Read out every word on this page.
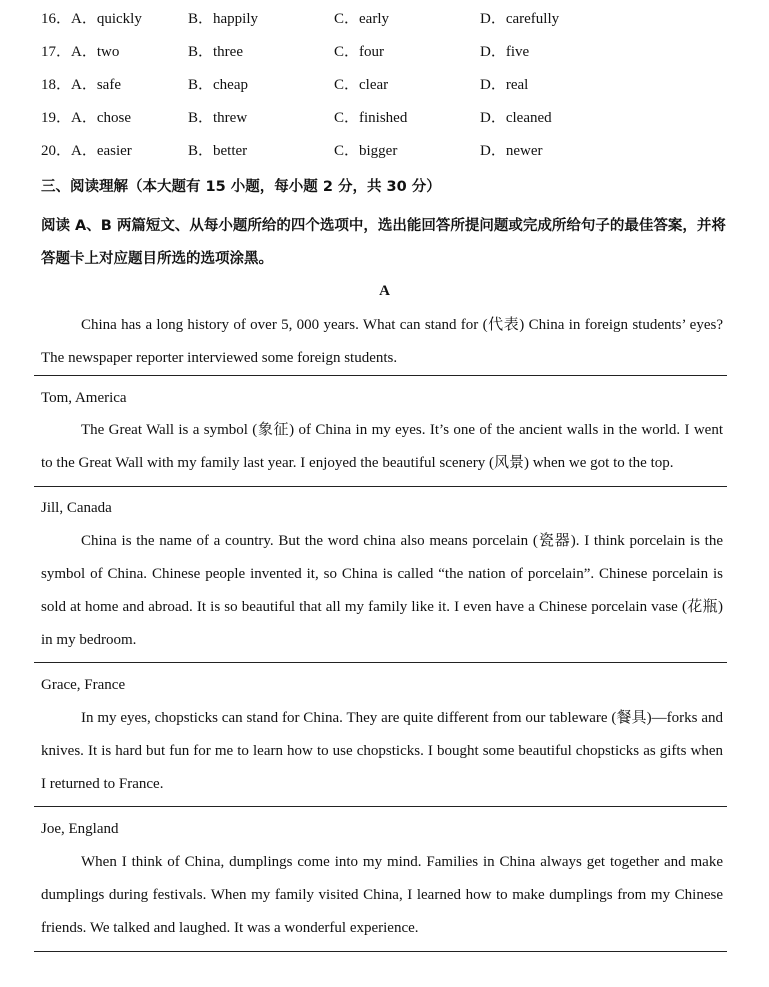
16． A．quickly	B．happily	C．early	D．carefully
17． A．two	B．three	C．four	D．five
18． A．safe	B．cheap	C．clear	D．real
19． A．chose	B．threw	C．finished	D．cleaned
20． A．easier	B．better	C．bigger	D．newer
三、阅读理解（本大题有 15 小题，每小题 2 分，共 30 分）
阅读 A、B 两篇短文、从每小题所给的四个选项中，选出能回答所提问题或完成所给句子的最佳答案，并将答题卡上对应题目所选的选项涂黑。
A
China has a long history of over 5, 000 years. What can stand for (代表) China in foreign students’ eyes? The newspaper reporter interviewed some foreign students.
Tom, America
The Great Wall is a symbol (象征) of China in my eyes. It’s one of the ancient walls in the world. I went to the Great Wall with my family last year. I enjoyed the beautiful scenery (风景) when we got to the top.
Jill, Canada
China is the name of a country. But the word china also means porcelain (瓷器). I think porcelain is the symbol of China. Chinese people invented it, so China is called “the nation of porcelain”. Chinese porcelain is sold at home and abroad. It is so beautiful that all my family like it. I even have a Chinese porcelain vase (花瓶) in my bedroom.
Grace, France
In my eyes, chopsticks can stand for China. They are quite different from our tableware (餐具)—forks and knives. It is hard but fun for me to learn how to use chopsticks. I bought some beautiful chopsticks as gifts when I returned to France.
Joe, England
When I think of China, dumplings come into my mind. Families in China always get together and make dumplings during festivals. When my family visited China, I learned how to make dumplings from my Chinese friends. We talked and laughed. It was a wonderful experience.
